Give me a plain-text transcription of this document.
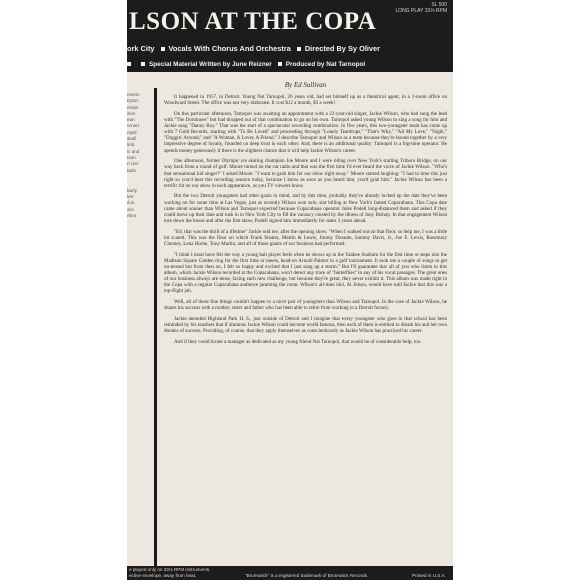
LSON AT THE COPA
SL 500
LONG PLAY 33⅓ RPM
ork City Vocals With Chorus And Orchestra Directed By Sy Oliver
Special Material Written by June Reizner Produced by Nat Tarnopol
nmein
Eyton
ertain
ison
ean
ornert
ntyst
itlaill
tinb
ic and
tsan
ri Ller
tarlo
barly
tee
d.in
aro
ebra
By Ed Sullivan

It happened in 1957, in Detroit. Young Nat Tarnopol, 26 years old, had set himself up as a theatrical agent, in a 1-room office on Woodward Street. The office was not very elaborate. It cost $12 a month, $3 a week!

On this particular afternoon, Tarnopol was awaiting an appointment with a 22-year-old singer, Jackie Wilson, who had sung the lead with "The Dominoes" but had dropped out of that combination to go on his own. Tarnopol asked young Wilson to sing a song for him and Jackie sang "Danny Boy." That was the start of a spectacular recording combination. In five years, this two-youngster team has come up with 7 Gold Records, starting with "To Be Loved" and proceeding through "Lonely Teardrops," "That's Why," "All My Love," "Night," "Doggin' Around," and "A Woman, A Lover, A Friend." I describe Tarnopol and Wilson as a team because they're bound together by a very impressive degree of loyalty, founded on deep trust in each other. And, there is an additional quality: Tarnopol is a big-time operator. He spends money generously if there is the slightest chance that it will help Jackie Wilson's career.

One afternoon, former Olympic ice skating champion Joe Moore and I were riding over New York's starling Triboro Bridge, on our way back from a round of golf. Moore turned on the car radio and that was the first time I'd ever heard the voice of Jackie Wilson. "Who's that sensational kid singer?" I asked Moore. "I want to grab him for our show right away." Moore started laughing: "I had to time this just right so you'd hear this recording session today, because I know as soon as you heard him, you'd grab him." Jackie Wilson has been a terrific hit on our show in each appearance, as you TV viewers know.

But the two Detroit youngsters had other goals in mind, and by this time, probably they've already locked up the date they've been working on for some time at Las Vegas, just as recently Wilson won solo, star billing at New York's famed Copacabana. This Copa date came about sooner than Wilson and Tarnopol expected because Copacabana operator Jules Podell long-distanced them and asked if they could move up their date and rush in to New York City to fill the vacancy created by the illness of Joey Bishop. In that engagement Wilson tore down the house and after the first show, Podell signed him immediately for dates 3 years ahead.

"Ed, that was the thrill of a lifetime" Jackie told me, after the opening show. "When I walked out on that floor, so help me, I was a little bit scared. This was the floor on which Frank Sinatra, Martin & Lewis, Jimmy Durante, Sammy Davis, Jr., Joe E. Lewis, Rosemary Clooney, Lena Horne, Tony Martin, and all of those giants of our business had performed.

"I think I must have felt the way a young ball player feels when he shows up in the Yankee Stadium for the first time or steps into the Madison Square Garden ring for the first time or meets, head-on Arnold Palmer in a golf tournament. It took me a couple of songs to get un-tensed but from then on, I felt so happy and excited that I just sang up a storm." But I'll guarantee that all of you who listen to this album, which Jackie Wilson recorded at the Copacabana, won't detect any trace of "butterflies" in any of his vocal passages. The great ones of our business always are tense, facing each new challenge, but because they're great, they never exhibit it. This album was made right in the Copa with a regular Copacabana audience jamming the room. Wilson's all-time idol, Al Jolson, would have told Jackie that this was a top-flight job.

Well, all of these fine things couldn't happen to a nicer pair of youngsters than Wilson and Tarnopol. In the case of Jackie Wilson, he shares his success with a mother, sister and father who has been able to retire from working in a Detroit factory.

Jackie attended Highland Park H. S., just outside of Detroit and I imagine that every youngster who goes to that school has been reminded by his teachers that if alumnus Jackie Wilson could become world famous, then each of them is entitled to dream his and her own dreams of success. Providing, of course, that they apply themselves as conscientiously as Jackie Wilson has practiced his career.

And if they could locate a manager as dedicated as my young friend Nat Tarnopol, that would be of considerable help, too.

e played only on 33⅓ RPM instruments,
ective envelope, away from heat.	"Brunswick" is a registered trademark of Brunswick Records.	Printed in U.S.A.
